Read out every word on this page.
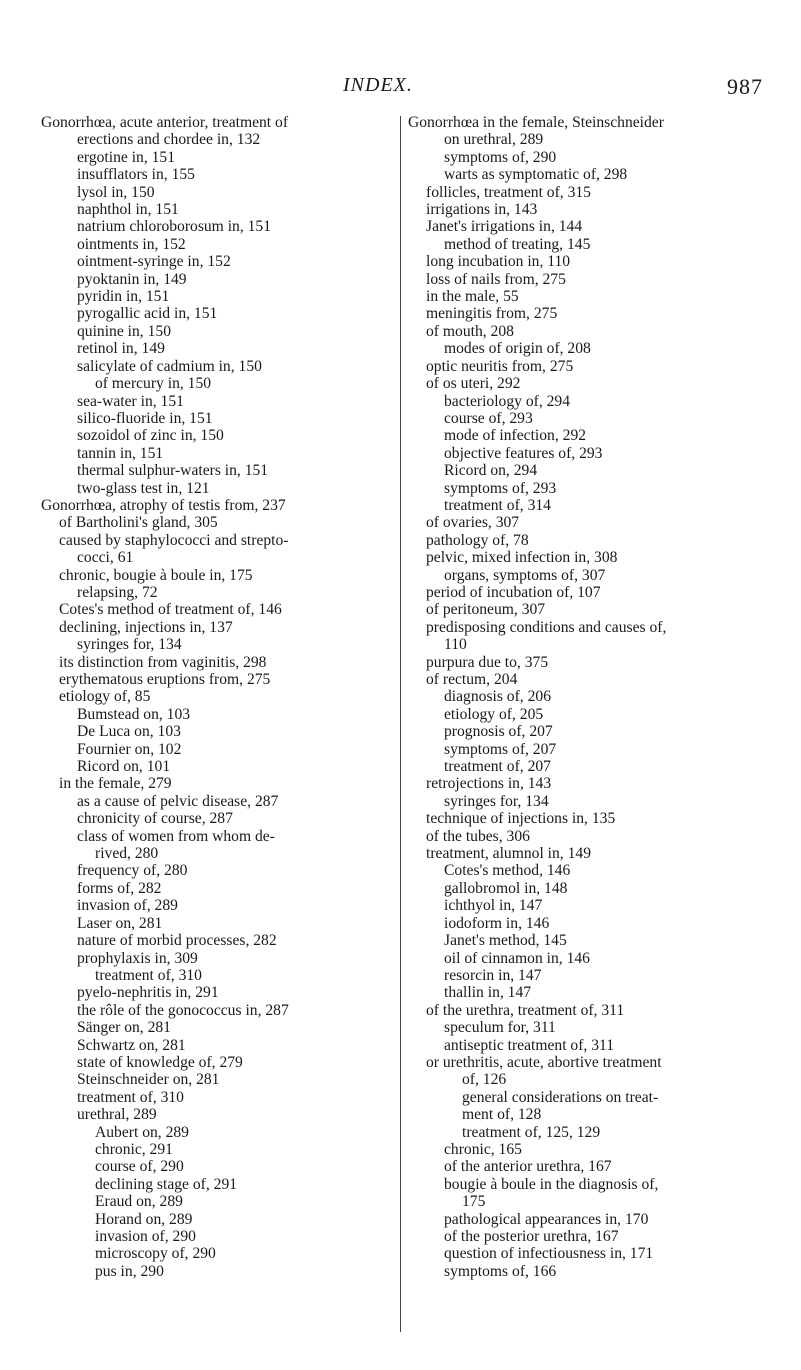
INDEX.	987
Gonorrhœa, acute anterior, treatment of
erections and chordee in, 132
ergotine in, 151
insufflators in, 155
lysol in, 150
naphthol in, 151
natrium chloroborosum in, 151
ointments in, 152
ointment-syringe in, 152
pyoktanin in, 149
pyridin in, 151
pyrogallic acid in, 151
quinine in, 150
retinol in, 149
salicylate of cadmium in, 150
of mercury in, 150
sea-water in, 151
silico-fluoride in, 151
sozoidol of zinc in, 150
tannin in, 151
thermal sulphur-waters in, 151
two-glass test in, 121
Gonorrhœa, atrophy of testis from, 237
of Bartholini's gland, 305
caused by staphylococci and strepto-
cocci, 61
chronic, bougie à boule in, 175
relapsing, 72
Cotes's method of treatment of, 146
declining, injections in, 137
syringes for, 134
its distinction from vaginitis, 298
erythematous eruptions from, 275
etiology of, 85
Bumstead on, 103
De Luca on, 103
Fournier on, 102
Ricord on, 101
in the female, 279
as a cause of pelvic disease, 287
chronicity of course, 287
class of women from whom de-
rived, 280
frequency of, 280
forms of, 282
invasion of, 289
Laser on, 281
nature of morbid processes, 282
prophylaxis in, 309
treatment of, 310
pyelo-nephritis in, 291
the rôle of the gonococcus in, 287
Sänger on, 281
Schwartz on, 281
state of knowledge of, 279
Steinschneider on, 281
treatment of, 310
urethral, 289
Aubert on, 289
chronic, 291
course of, 290
declining stage of, 291
Eraud on, 289
Horand on, 289
invasion of, 290
microscopy of, 290
pus in, 290
Gonorrhœa in the female, Steinschneider
on urethral, 289
symptoms of, 290
warts as symptomatic of, 298
follicles, treatment of, 315
irrigations in, 143
Janet's irrigations in, 144
method of treating, 145
long incubation in, 110
loss of nails from, 275
in the male, 55
meningitis from, 275
of mouth, 208
modes of origin of, 208
optic neuritis from, 275
of os uteri, 292
bacteriology of, 294
course of, 293
mode of infection, 292
objective features of, 293
Ricord on, 294
symptoms of, 293
treatment of, 314
of ovaries, 307
pathology of, 78
pelvic, mixed infection in, 308
organs, symptoms of, 307
period of incubation of, 107
of peritoneum, 307
predisposing conditions and causes of,
110
purpura due to, 375
of rectum, 204
diagnosis of, 206
etiology of, 205
prognosis of, 207
symptoms of, 207
treatment of, 207
retrojections in, 143
syringes for, 134
technique of injections in, 135
of the tubes, 306
treatment, alumnol in, 149
Cotes's method, 146
gallobromol in, 148
ichthyol in, 147
iodoform in, 146
Janet's method, 145
oil of cinnamon in, 146
resorcin in, 147
thallin in, 147
of the urethra, treatment of, 311
speculum for, 311
antiseptic treatment of, 311
or urethritis, acute, abortive treatment
of, 126
general considerations on treat-
ment of, 128
treatment of, 125, 129
chronic, 165
of the anterior urethra, 167
bougie à boule in the diagnosis of,
175
pathological appearances in, 170
of the posterior urethra, 167
question of infectiousness in, 171
symptoms of, 166
